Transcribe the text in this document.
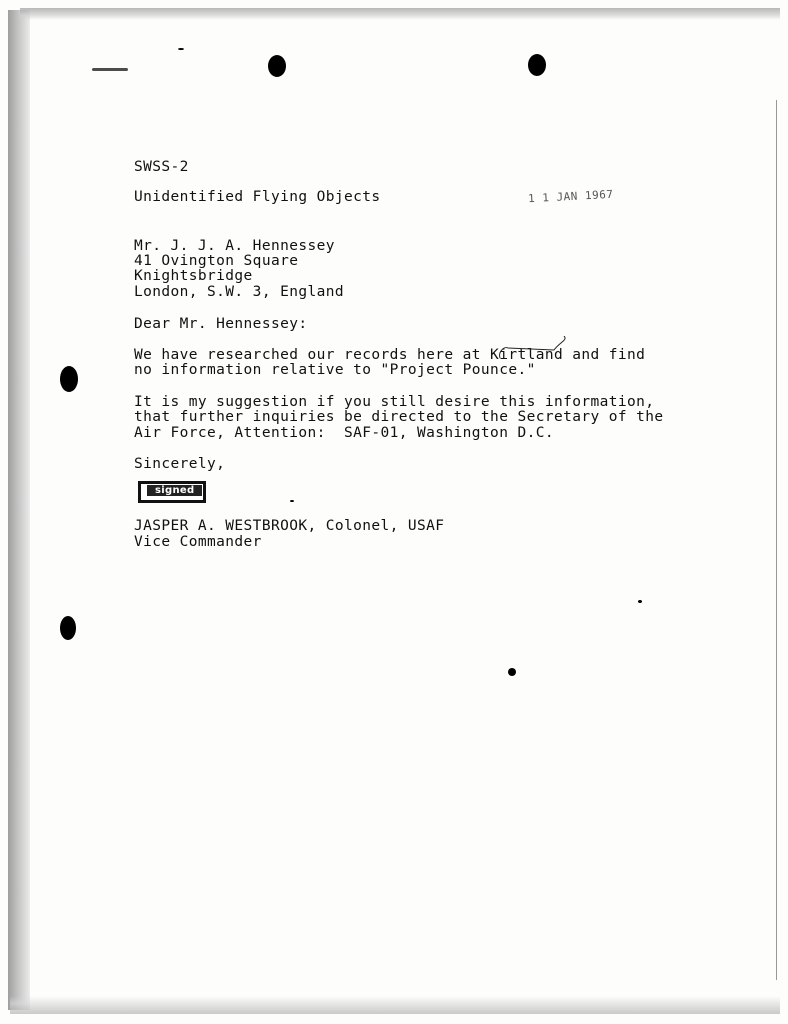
SWSS-2
Unidentified Flying Objects	1 1 JAN 1967
Mr. J. J. A. Hennessey
41 Ovington Square
Knightsbridge
London, S.W. 3, England
Dear Mr. Hennessey:
We have researched our records here at Kirtland and find
no information relative to "Project Pounce."
It is my suggestion if you still desire this information,
that further inquiries be directed to the Secretary of the
Air Force, Attention:  SAF-01, Washington D.C.
Sincerely,
signed
JASPER A. WESTBROOK, Colonel, USAF
Vice Commander
